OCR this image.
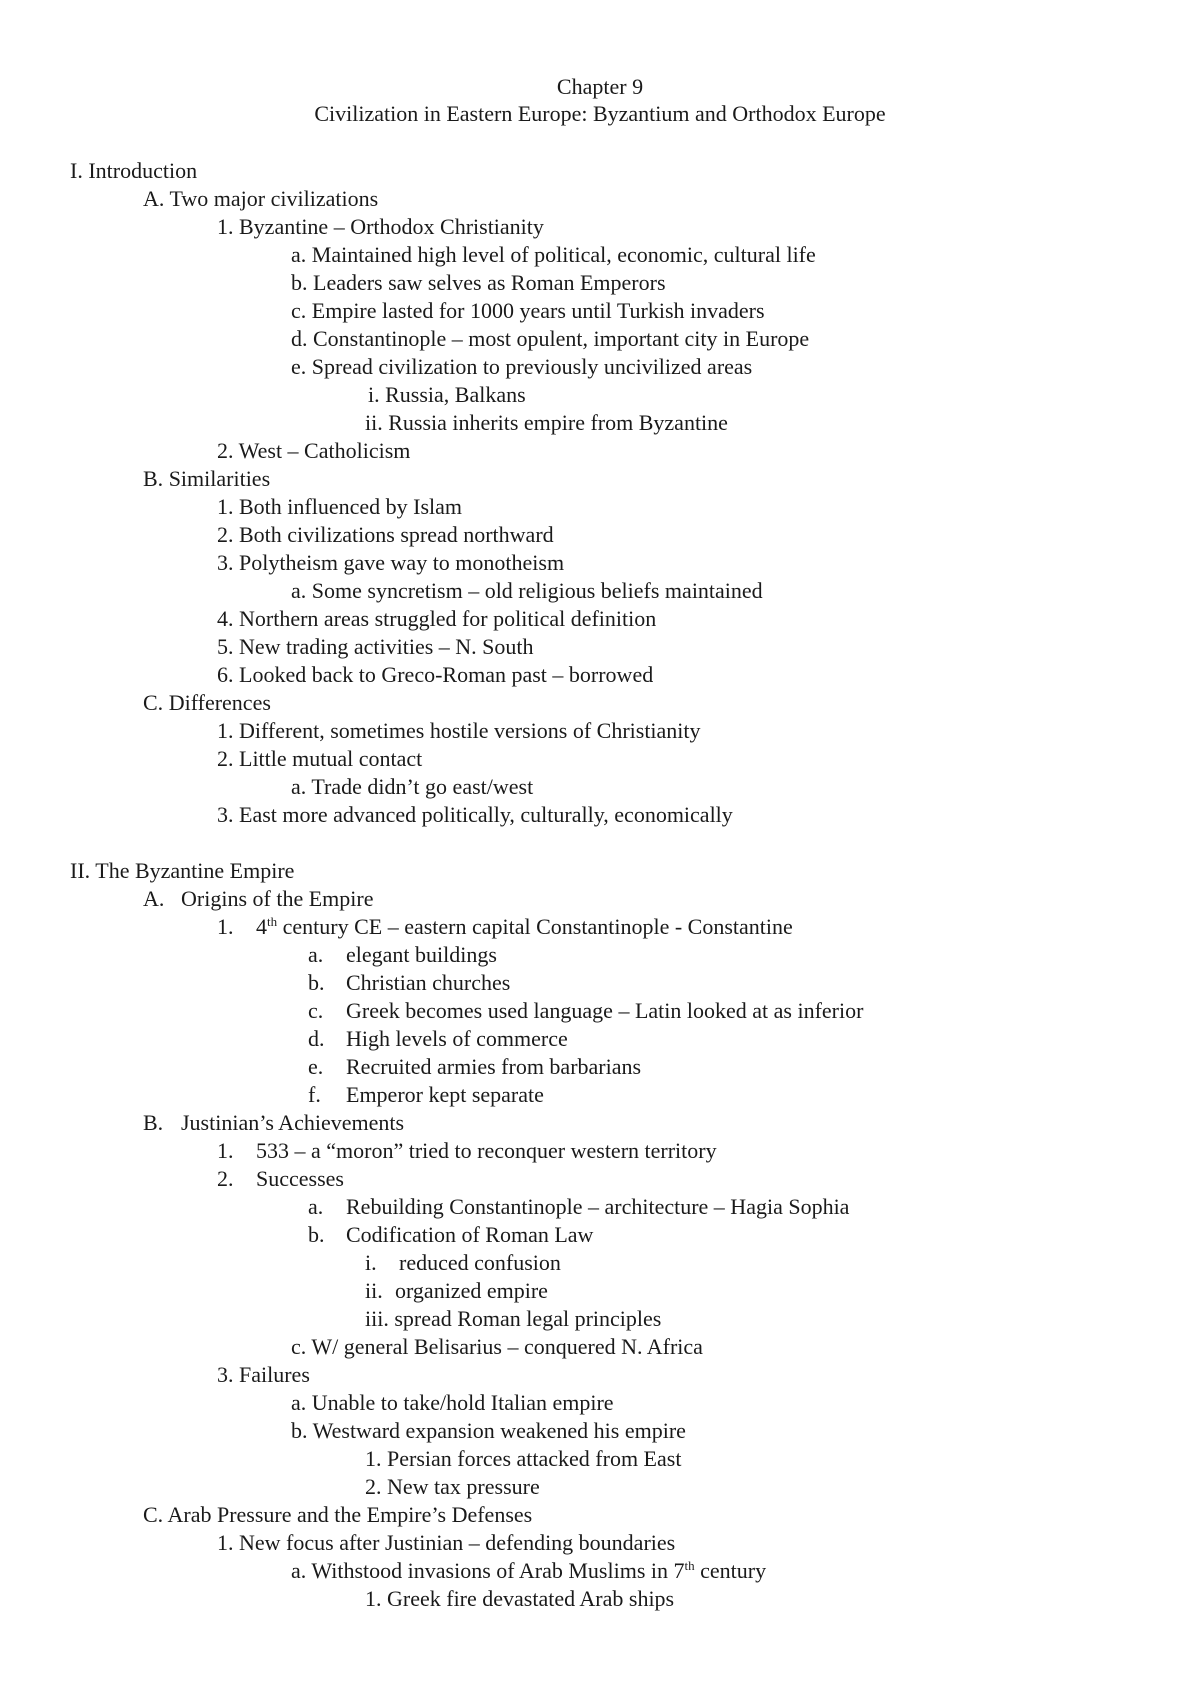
Chapter 9
Civilization in Eastern Europe: Byzantium and Orthodox Europe
I. Introduction
A. Two major civilizations
1. Byzantine – Orthodox Christianity
a. Maintained high level of political, economic, cultural life
b. Leaders saw selves as Roman Emperors
c. Empire lasted for 1000 years until Turkish invaders
d. Constantinople – most opulent, important city in Europe
e. Spread civilization to previously uncivilized areas
i. Russia, Balkans
ii. Russia inherits empire from Byzantine
2. West – Catholicism
B. Similarities
1. Both influenced by Islam
2. Both civilizations spread northward
3. Polytheism gave way to monotheism
a. Some syncretism – old religious beliefs maintained
4. Northern areas struggled for political definition
5. New trading activities – N. South
6. Looked back to Greco-Roman past – borrowed
C. Differences
1. Different, sometimes hostile versions of Christianity
2. Little mutual contact
a. Trade didn’t go east/west
3. East more advanced politically, culturally, economically
II. The Byzantine Empire
A. Origins of the Empire
1. 4th century CE – eastern capital Constantinople - Constantine
a. elegant buildings
b. Christian churches
c. Greek becomes used language – Latin looked at as inferior
d. High levels of commerce
e. Recruited armies from barbarians
f. Emperor kept separate
B. Justinian’s Achievements
1. 533 – a “moron” tried to reconquer western territory
2. Successes
a. Rebuilding Constantinople – architecture – Hagia Sophia
b. Codification of Roman Law
i. reduced confusion
ii. organized empire
iii. spread Roman legal principles
c. W/ general Belisarius – conquered N. Africa
3. Failures
a. Unable to take/hold Italian empire
b. Westward expansion weakened his empire
1. Persian forces attacked from East
2. New tax pressure
C. Arab Pressure and the Empire’s Defenses
1. New focus after Justinian – defending boundaries
a. Withstood invasions of Arab Muslims in 7th century
1. Greek fire devastated Arab ships
